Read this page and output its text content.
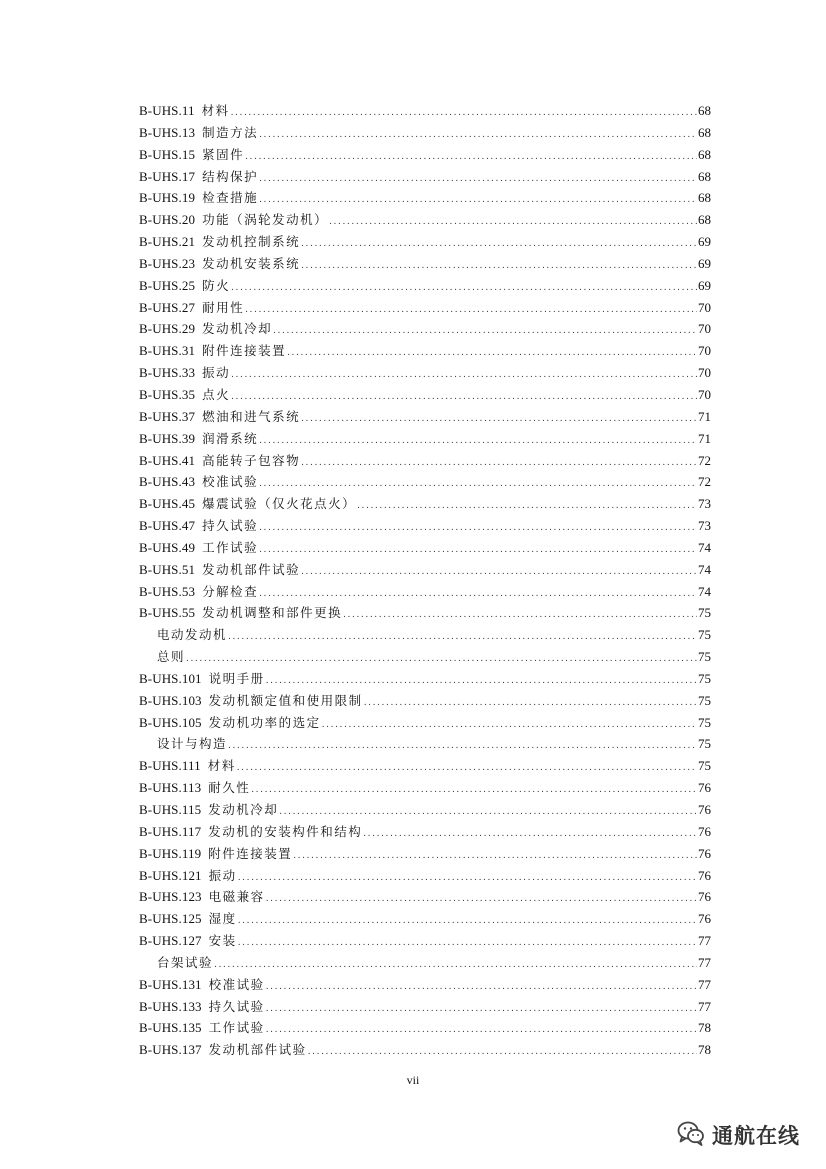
B-UHS.11 材料 .....	68
B-UHS.13 制造方法 .....	68
B-UHS.15 紧固件 .....	68
B-UHS.17 结构保护 .....	68
B-UHS.19 检查措施 .....	68
B-UHS.20 功能（涡轮发动机） .....	68
B-UHS.21 发动机控制系统 .....	69
B-UHS.23 发动机安装系统 .....	69
B-UHS.25 防火 .....	69
B-UHS.27 耐用性 .....	70
B-UHS.29 发动机冷却 .....	70
B-UHS.31 附件连接装置 .....	70
B-UHS.33 振动 .....	70
B-UHS.35 点火 .....	70
B-UHS.37 燃油和进气系统 .....	71
B-UHS.39 润滑系统 .....	71
B-UHS.41 高能转子包容物 .....	72
B-UHS.43 校准试验 .....	72
B-UHS.45 爆震试验（仅火花点火） .....	73
B-UHS.47 持久试验 .....	73
B-UHS.49 工作试验 .....	74
B-UHS.51 发动机部件试验 .....	74
B-UHS.53 分解检查 .....	74
B-UHS.55 发动机调整和部件更换 .....	75
电动发动机 .....	75
总则 .....	75
B-UHS.101 说明手册 .....	75
B-UHS.103 发动机额定值和使用限制 .....	75
B-UHS.105 发动机功率的选定 .....	75
设计与构造 .....	75
B-UHS.111 材料 .....	75
B-UHS.113 耐久性 .....	76
B-UHS.115 发动机冷却 .....	76
B-UHS.117 发动机的安装构件和结构 .....	76
B-UHS.119 附件连接装置 .....	76
B-UHS.121 振动 .....	76
B-UHS.123 电磁兼容 .....	76
B-UHS.125 湿度 .....	76
B-UHS.127 安装 .....	77
台架试验 .....	77
B-UHS.131 校准试验 .....	77
B-UHS.133 持久试验 .....	77
B-UHS.135 工作试验 .....	78
B-UHS.137 发动机部件试验 .....	78
vii
通航在线
